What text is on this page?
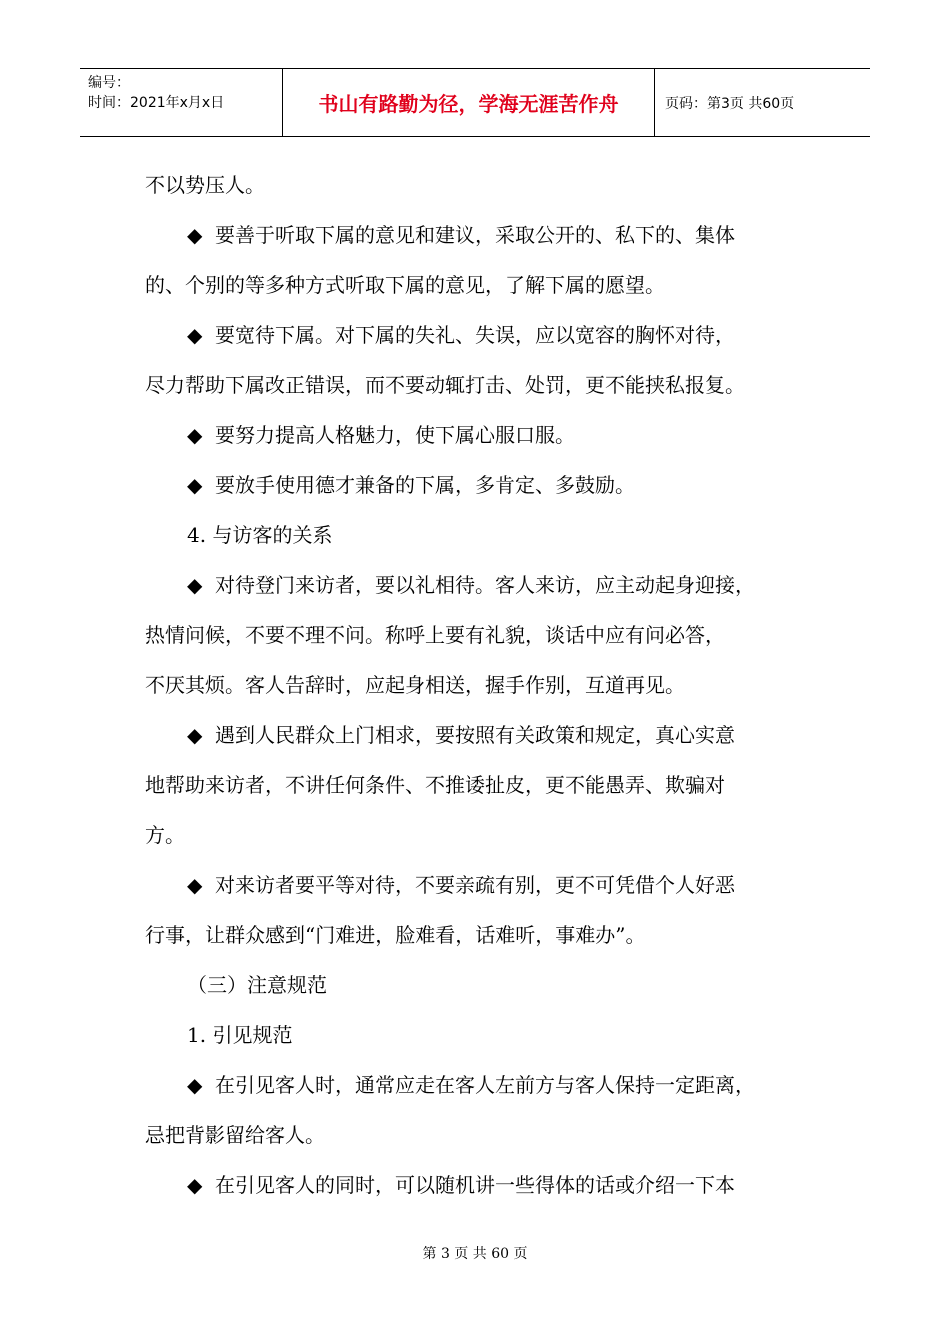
编号：
时间：2021年x月x日	书山有路勤为径，学海无涯苦作舟	页码：第3页 共60页

不以势压人。

◆ 要善于听取下属的意见和建议，采取公开的、私下的、集体

的、个别的等多种方式听取下属的意见，了解下属的愿望。

◆ 要宽待下属。对下属的失礼、失误，应以宽容的胸怀对待，

尽力帮助下属改正错误，而不要动辄打击、处罚，更不能挟私报复。

◆ 要努力提高人格魅力，使下属心服口服。

◆ 要放手使用德才兼备的下属，多肯定、多鼓励。

4. 与访客的关系

◆ 对待登门来访者，要以礼相待。客人来访，应主动起身迎接，

热情问候，不要不理不问。称呼上要有礼貌，谈话中应有问必答，

不厌其烦。客人告辞时，应起身相送，握手作别，互道再见。

◆ 遇到人民群众上门相求，要按照有关政策和规定，真心实意

地帮助来访者，不讲任何条件、不推诿扯皮，更不能愚弄、欺骗对

方。

◆ 对来访者要平等对待，不要亲疏有别，更不可凭借个人好恶

行事，让群众感到“门难进，脸难看，话难听，事难办”。

（三）注意规范

1. 引见规范

◆ 在引见客人时，通常应走在客人左前方与客人保持一定距离，

忌把背影留给客人。

◆ 在引见客人的同时，可以随机讲一些得体的话或介绍一下本

第 3 页 共 60 页
